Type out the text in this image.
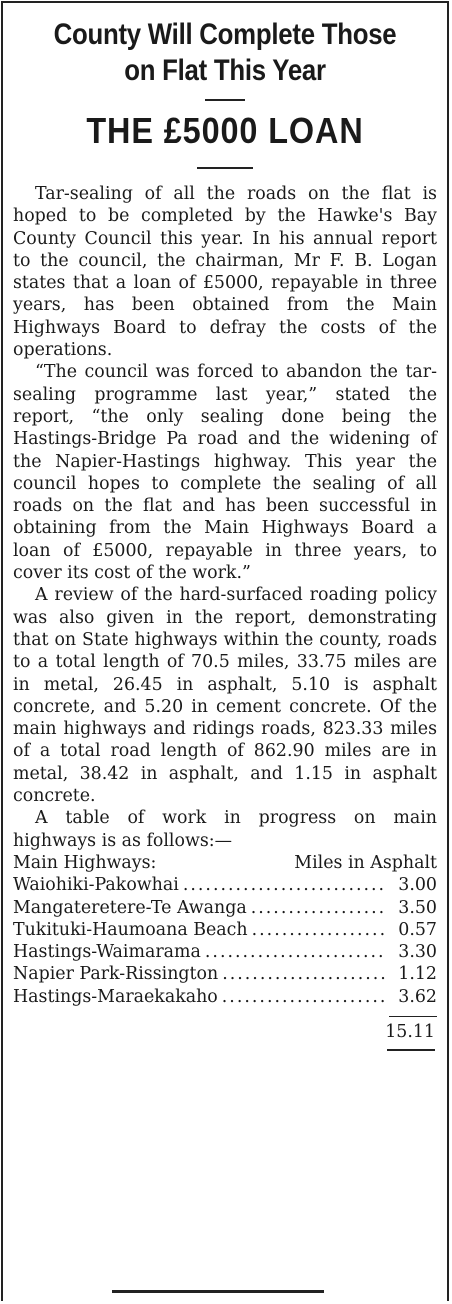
County Will Complete Those
on Flat This Year
THE £5000 LOAN

Tar-sealing of all the roads on the flat is hoped to be completed by the Hawke's Bay County Council this year. In his annual report to the council, the chairman, Mr F. B. Logan states that a loan of £5000, repayable in three years, has been obtained from the Main Highways Board to defray the costs of the operations.

“The council was forced to abandon the tar-sealing programme last year,” stated the report, “the only sealing done being the Hastings-Bridge Pa road and the widening of the Napier-Hastings highway. This year the council hopes to complete the sealing of all roads on the flat and has been successful in obtaining from the Main Highways Board a loan of £5000, repayable in three years, to cover its cost of the work.”

A review of the hard-surfaced roading policy was also given in the report, demonstrating that on State highways within the county, roads to a total length of 70.5 miles, 33.75 miles are in metal, 26.45 in asphalt, 5.10 is asphalt concrete, and 5.20 in cement concrete. Of the main highways and ridings roads, 823.33 miles of a total road length of 862.90 miles are in metal, 38.42 in asphalt, and 1.15 in asphalt concrete.

A table of work in progress on main highways is as follows:—

Main Highways:	Miles in Asphalt
Waiohiki-Pakowhai .....	3.00
Mangateretere-Te Awanga .....	3.50
Tukituki-Haumoana Beach .....	0.57
Hastings-Waimarama .....	3.30
Napier Park-Rissington .....	1.12
Hastings-Maraekakaho .....	3.62
15.11
